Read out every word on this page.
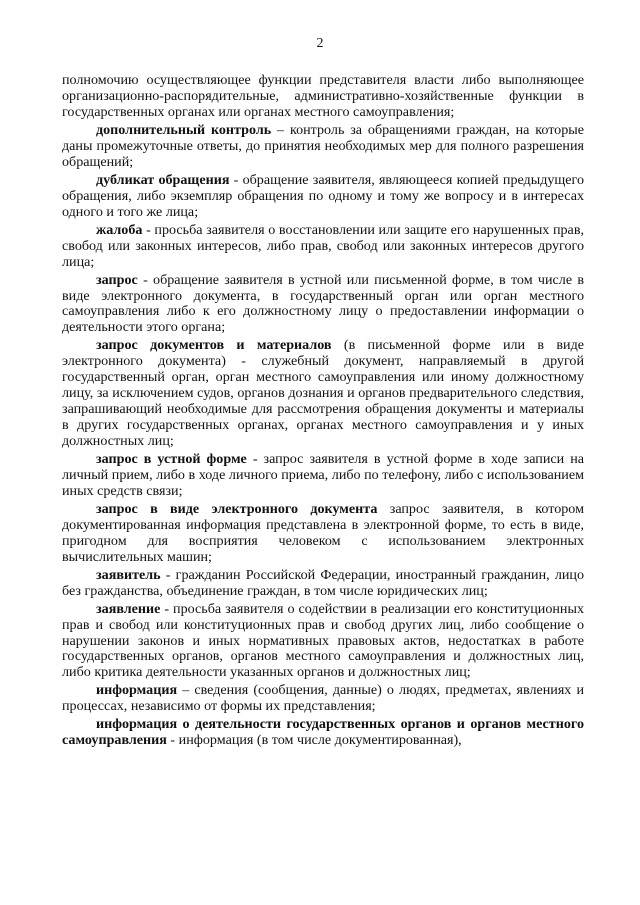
2

полномочию осуществляющее функции представителя власти либо выполняющее организационно-распорядительные, административно-хозяйственные функции в государственных органах или органах местного самоуправления;

дополнительный контроль – контроль за обращениями граждан, на которые даны промежуточные ответы, до принятия необходимых мер для полного разрешения обращений;

дубликат обращения - обращение заявителя, являющееся копией предыдущего обращения, либо экземпляр обращения по одному и тому же вопросу и в интересах одного и того же лица;

жалоба - просьба заявителя о восстановлении или защите его нарушенных прав, свобод или законных интересов, либо прав, свобод или законных интересов другого лица;

запрос - обращение заявителя в устной или письменной форме, в том числе в виде электронного документа, в государственный орган или орган местного самоуправления либо к его должностному лицу о предоставлении информации о деятельности этого органа;

запрос документов и материалов (в письменной форме или в виде электронного документа) - служебный документ, направляемый в другой государственный орган, орган местного самоуправления или иному должностному лицу, за исключением судов, органов дознания и органов предварительного следствия, запрашивающий необходимые для рассмотрения обращения документы и материалы в других государственных органах, органах местного самоуправления и у иных должностных лиц;

запрос в устной форме - запрос заявителя в устной форме в ходе записи на личный прием, либо в ходе личного приема, либо по телефону, либо с использованием иных средств связи;

запрос в виде электронного документа запрос заявителя, в котором документированная информация представлена в электронной форме, то есть в виде, пригодном для восприятия человеком с использованием электронных вычислительных машин;

заявитель - гражданин Российской Федерации, иностранный гражданин, лицо без гражданства, объединение граждан, в том числе юридических лиц;

заявление - просьба заявителя о содействии в реализации его конституционных прав и свобод или конституционных прав и свобод других лиц, либо сообщение о нарушении законов и иных нормативных правовых актов, недостатках в работе государственных органов, органов местного самоуправления и должностных лиц, либо критика деятельности указанных органов и должностных лиц;

информация – сведения (сообщения, данные) о людях, предметах, явлениях и процессах, независимо от формы их представления;

информация о деятельности государственных органов и органов местного самоуправления - информация (в том числе документированная),
